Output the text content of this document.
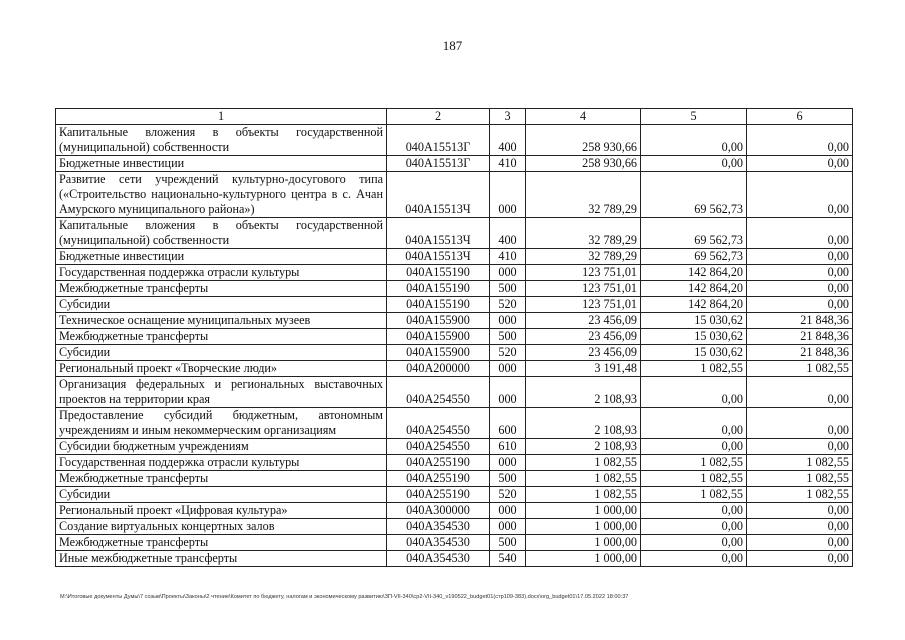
187
1	2	3	4	5	6
Капитальные вложения в объекты государственной (муниципальной) собственности	040А15513Г	400	258 930,66	0,00	0,00
Бюджетные инвестиции	040А15513Г	410	258 930,66	0,00	0,00
Развитие сети учреждений культурно-досугового типа («Строительство национально-культурного центра в с. Ачан Амурского муниципального района»)	040А15513Ч	000	32 789,29	69 562,73	0,00
Капитальные вложения в объекты государственной (муниципальной) собственности	040А15513Ч	400	32 789,29	69 562,73	0,00
Бюджетные инвестиции	040А15513Ч	410	32 789,29	69 562,73	0,00
Государственная поддержка отрасли культуры	040А155190	000	123 751,01	142 864,20	0,00
Межбюджетные трансферты	040А155190	500	123 751,01	142 864,20	0,00
Субсидии	040А155190	520	123 751,01	142 864,20	0,00
Техническое оснащение муниципальных музеев	040А155900	000	23 456,09	15 030,62	21 848,36
Межбюджетные трансферты	040А155900	500	23 456,09	15 030,62	21 848,36
Субсидии	040А155900	520	23 456,09	15 030,62	21 848,36
Региональный проект «Творческие люди»	040А200000	000	3 191,48	1 082,55	1 082,55
Организация федеральных и региональных выставочных проектов на территории края	040А254550	000	2 108,93	0,00	0,00
Предоставление субсидий бюджетным, автономным учреждениям и иным некоммерческим организациям	040А254550	600	2 108,93	0,00	0,00
Субсидии бюджетным учреждениям	040А254550	610	2 108,93	0,00	0,00
Государственная поддержка отрасли культуры	040А255190	000	1 082,55	1 082,55	1 082,55
Межбюджетные трансферты	040А255190	500	1 082,55	1 082,55	1 082,55
Субсидии	040А255190	520	1 082,55	1 082,55	1 082,55
Региональный проект «Цифровая культура»	040А300000	000	1 000,00	0,00	0,00
Создание виртуальных концертных залов	040А354530	000	1 000,00	0,00	0,00
Межбюджетные трансферты	040А354530	500	1 000,00	0,00	0,00
Иные межбюджетные трансферты	040А354530	540	1 000,00	0,00	0,00
М:\Итоговые документы Думы\7 созыв\Проекты\Законы\2 чтение\Комитет по бюджету, налогам и экономическому развитию\ЗП-VII-340\сp2-VII-340_v190522_budget01(стр109-383).docx\org_budget01\17.05.2022 18:00:37
